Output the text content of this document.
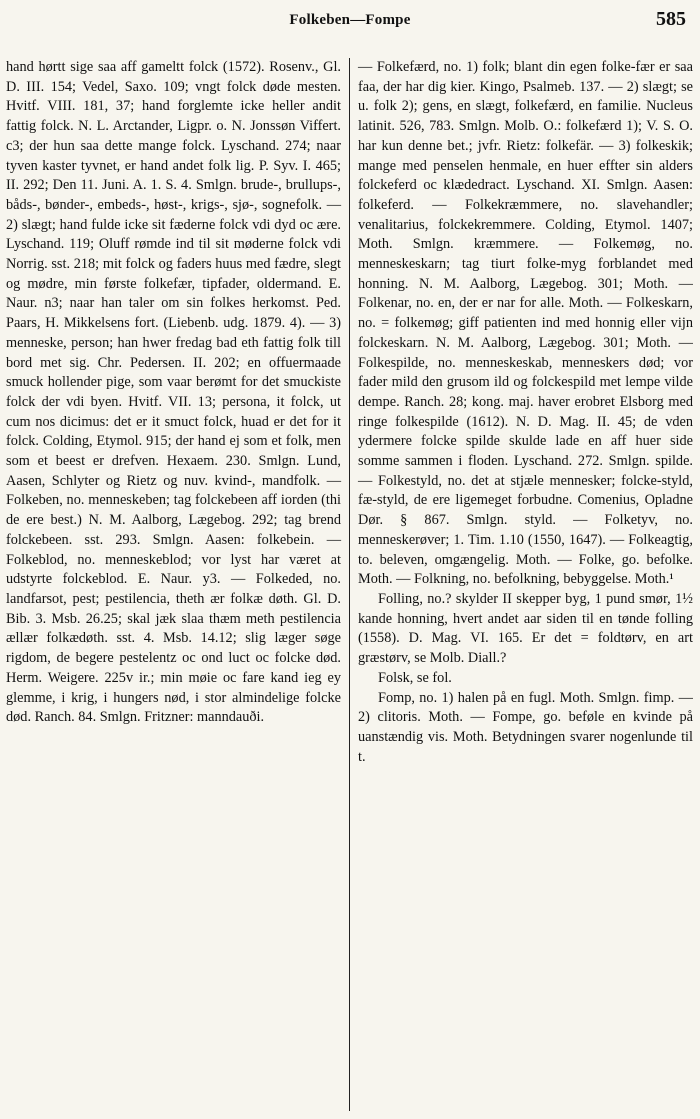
Folkeben—Fompe	585

hand hørtt sige saa aff gameltt folck (1572). Rosenv., Gl. D. III. 154; Vedel, Saxo. 109; vngt folck døde mesten. Hvitf. VIII. 181, 37; hand forglemte icke heller andit fattig folck. N. L. Arctander, Ligpr. o. N. Jonssøn Viffert. c3; der hun saa dette mange folck. Lyschand. 274; naar tyven kaster tyvnet, er hand andet folk lig. P. Syv. I. 465; II. 292; Den 11. Juni. A. 1. S. 4. Smlgn. brude-, brullups-, båds-, bønder-, embeds-, høst-, krigs-, sjø-, sognefolk. — 2) slægt; hand fulde icke sit fæderne folck vdi dyd oc ære. Lyschand. 119; Oluff rømde ind til sit møderne folck vdi Norrig. sst. 218; mit folck og faders huus med fædre, slegt og mødre, min første folkefær, tipfader, oldermand. E. Naur. n3; naar han taler om sin folkes herkomst. Ped. Paars, H. Mikkelsens fort. (Liebenb. udg. 1879. 4). — 3) menneske, person; han hwer fredag bad eth fattig folk till bord met sig. Chr. Pedersen. II. 202; en offuermaade smuck hollender pige, som vaar berømt for det smuckiste folck der vdi byen. Hvitf. VII. 13; persona, it folck, ut cum nos dicimus: det er it smuct folck, huad er det for it folck. Colding, Etymol. 915; der hand ej som et folk, men som et beest er drefven. Hexaem. 230. Smlgn. Lund, Aasen, Schlyter og Rietz og nuv. kvind-, mandfolk. — Folkeben, no. menneskeben; tag folckebeen aff iorden (thi de ere best.) N. M. Aalborg, Lægebog. 292; tag brend folckebeen. sst. 293. Smlgn. Aasen: folkebein. — Folkeblod, no. menneskeblod; vor lyst har været at udstyrte folckeblod. E. Naur. y3. — Folkeded, no. landfarsot, pest; pestilencia, theth ær folkæ døth. Gl. D. Bib. 3. Msb. 26.25; skal jæk slaa thæm meth pestilencia ællær folkædøth. sst. 4. Msb. 14.12; slig læger søge rigdom, de begere pestelentz oc ond luct oc folcke død. Herm. Weigere. 225v ir.; min møie oc fare kand ieg ey glemme, i krig, i hungers nød, i stor almindelige folcke død. Ranch. 84. Smlgn. Fritzner: manndauði.

— Folkefærd, no. 1) folk; blant din egen folke-fær er saa faa, der har dig kier. Kingo, Psalmeb. 137. — 2) slægt; se u. folk 2); gens, en slægt, folkefærd, en familie. Nucleus latinit. 526, 783. Smlgn. Molb. O.: folkefærd 1); V. S. O. har kun denne bet.; jvfr. Rietz: folkefär. — 3) folkeskik; mange med penselen henmale, en huer effter sin alders folckeferd oc klædedract. Lyschand. XI. Smlgn. Aasen: folkeferd. — Folkekræmmere, no. slavehandler; venalitarius, folckekremmere. Colding, Etymol. 1407; Moth. Smlgn. kræmmere. — Folkemøg, no. menneskeskarn; tag tiurt folke-myg forblandet med honning. N. M. Aalborg, Lægebog. 301; Moth. — Folkenar, no. en, der er nar for alle. Moth. — Folkeskarn, no. = folkemøg; giff patienten ind med honnig eller vijn folckeskarn. N. M. Aalborg, Lægebog. 301; Moth. — Folkespilde, no. menneskeskab, menneskers død; vor fader mild den grusom ild og folckespild met lempe vilde dempe. Ranch. 28; kong. maj. haver erobret Elsborg med ringe folkespilde (1612). N. D. Mag. II. 45; de vden ydermere folcke spilde skulde lade en aff huer side somme sammen i floden. Lyschand. 272. Smlgn. spilde. — Folkestyld, no. det at stjæle mennesker; folcke-styld, fæ-styld, de ere ligemeget forbudne. Comenius, Opladne Dør. § 867. Smlgn. styld. — Folketyv, no. menneskerøver; 1. Tim. 1.10 (1550, 1647). — Folkeagtig, to. beleven, omgængelig. Moth. — Folke, go. befolke. Moth. — Folkning, no. befolkning, bebyggelse. Moth.¹

Folling, no.? skylder II skepper byg, 1 pund smør, 1½ kande honning, hvert andet aar siden til en tønde folling (1558). D. Mag. VI. 165. Er det = foldtørv, en art græstørv, se Molb. Diall.?

Folsk, se fol.

Fomp, no. 1) halen på en fugl. Moth. Smlgn. fimp. — 2) clitoris. Moth. — Fompe, go. beføle en kvinde på uanstændig vis. Moth. Betydningen svarer nogenlunde til t.
